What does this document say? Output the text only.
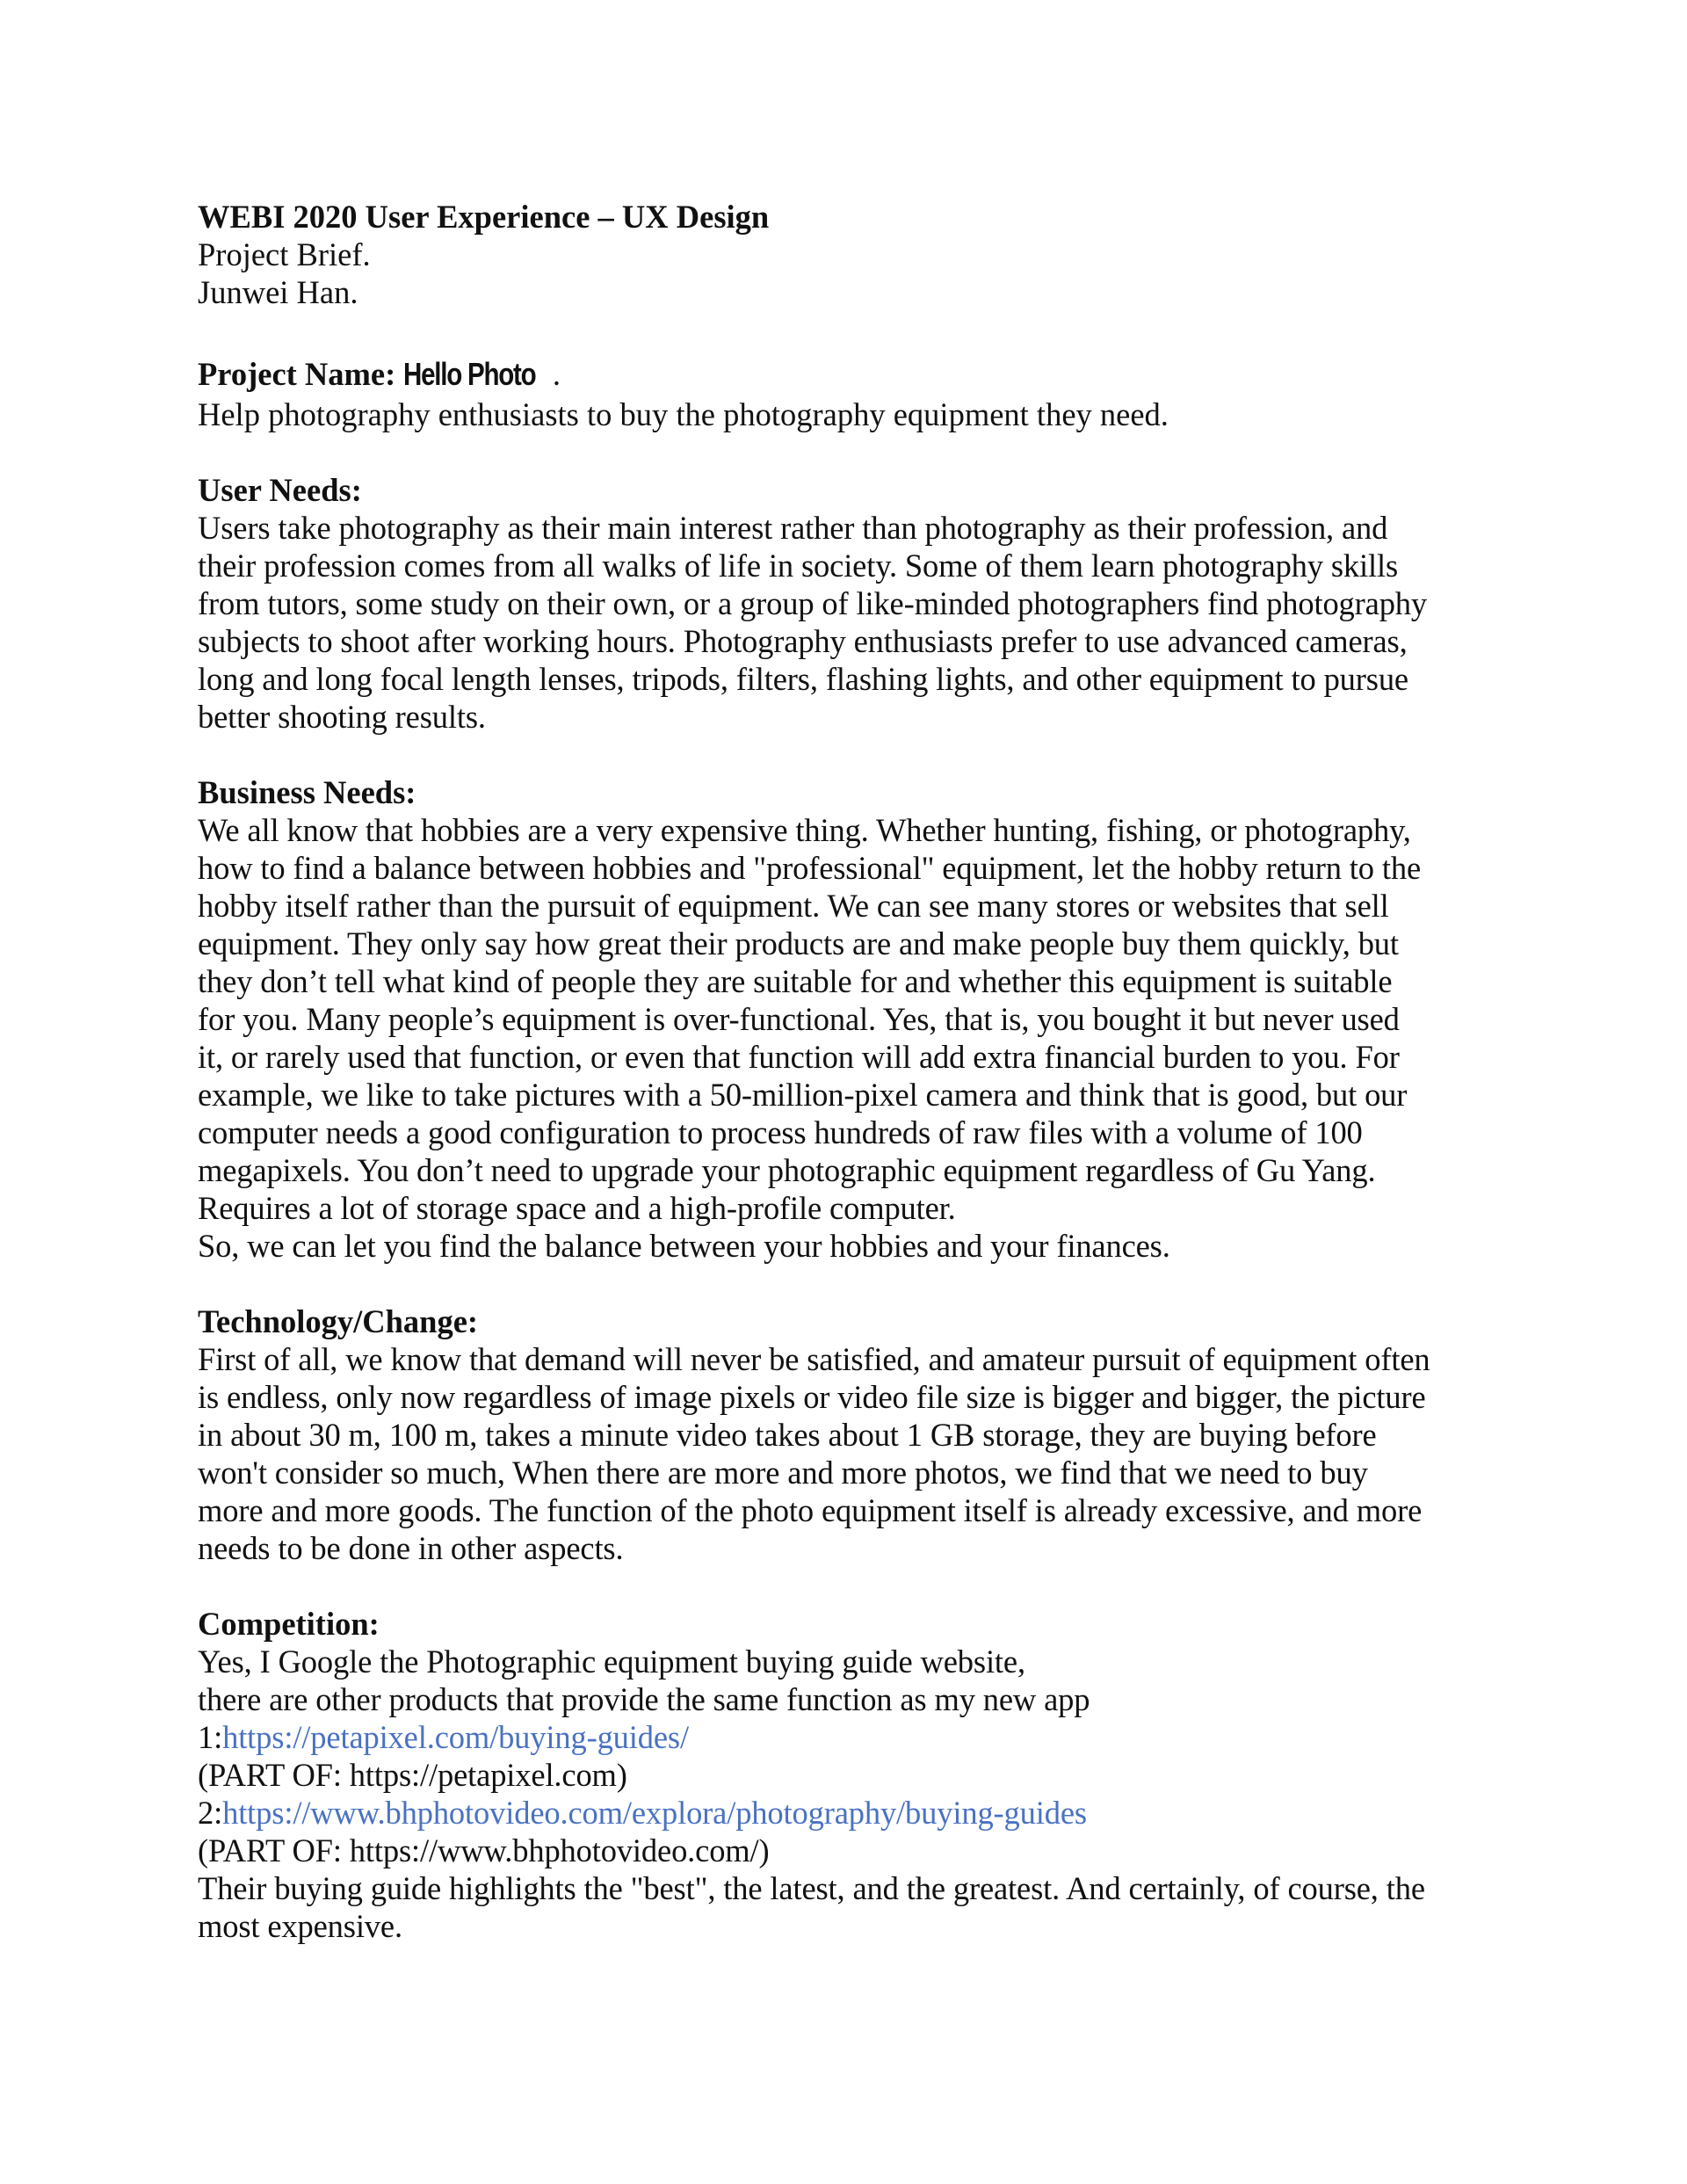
WEBI 2020 User Experience – UX Design
Project Brief.
Junwei Han.
Project Name: Hello Photo .
Help photography enthusiasts to buy the photography equipment they need.
User Needs:
Users take photography as their main interest rather than photography as their profession, and
their profession comes from all walks of life in society. Some of them learn photography skills
from tutors, some study on their own, or a group of like-minded photographers find photography
subjects to shoot after working hours. Photography enthusiasts prefer to use advanced cameras,
long and long focal length lenses, tripods, filters, flashing lights, and other equipment to pursue
better shooting results.
Business Needs:
We all know that hobbies are a very expensive thing. Whether hunting, fishing, or photography,
how to find a balance between hobbies and "professional" equipment, let the hobby return to the
hobby itself rather than the pursuit of equipment. We can see many stores or websites that sell
equipment. They only say how great their products are and make people buy them quickly, but
they don’t tell what kind of people they are suitable for and whether this equipment is suitable
for you. Many people’s equipment is over-functional. Yes, that is, you bought it but never used
it, or rarely used that function, or even that function will add extra financial burden to you. For
example, we like to take pictures with a 50-million-pixel camera and think that is good, but our
computer needs a good configuration to process hundreds of raw files with a volume of 100
megapixels. You don’t need to upgrade your photographic equipment regardless of Gu Yang.
Requires a lot of storage space and a high-profile computer.
So, we can let you find the balance between your hobbies and your finances.
Technology/Change:
First of all, we know that demand will never be satisfied, and amateur pursuit of equipment often
is endless, only now regardless of image pixels or video file size is bigger and bigger, the picture
in about 30 m, 100 m, takes a minute video takes about 1 GB storage, they are buying before
won't consider so much, When there are more and more photos, we find that we need to buy
more and more goods. The function of the photo equipment itself is already excessive, and more
needs to be done in other aspects.
Competition:
Yes, I Google the Photographic equipment buying guide website,
there are other products that provide the same function as my new app
1:https://petapixel.com/buying-guides/
(PART OF: https://petapixel.com)
2:https://www.bhphotovideo.com/explora/photography/buying-guides
(PART OF: https://www.bhphotovideo.com/)
Their buying guide highlights the "best", the latest, and the greatest. And certainly, of course, the
most expensive.
